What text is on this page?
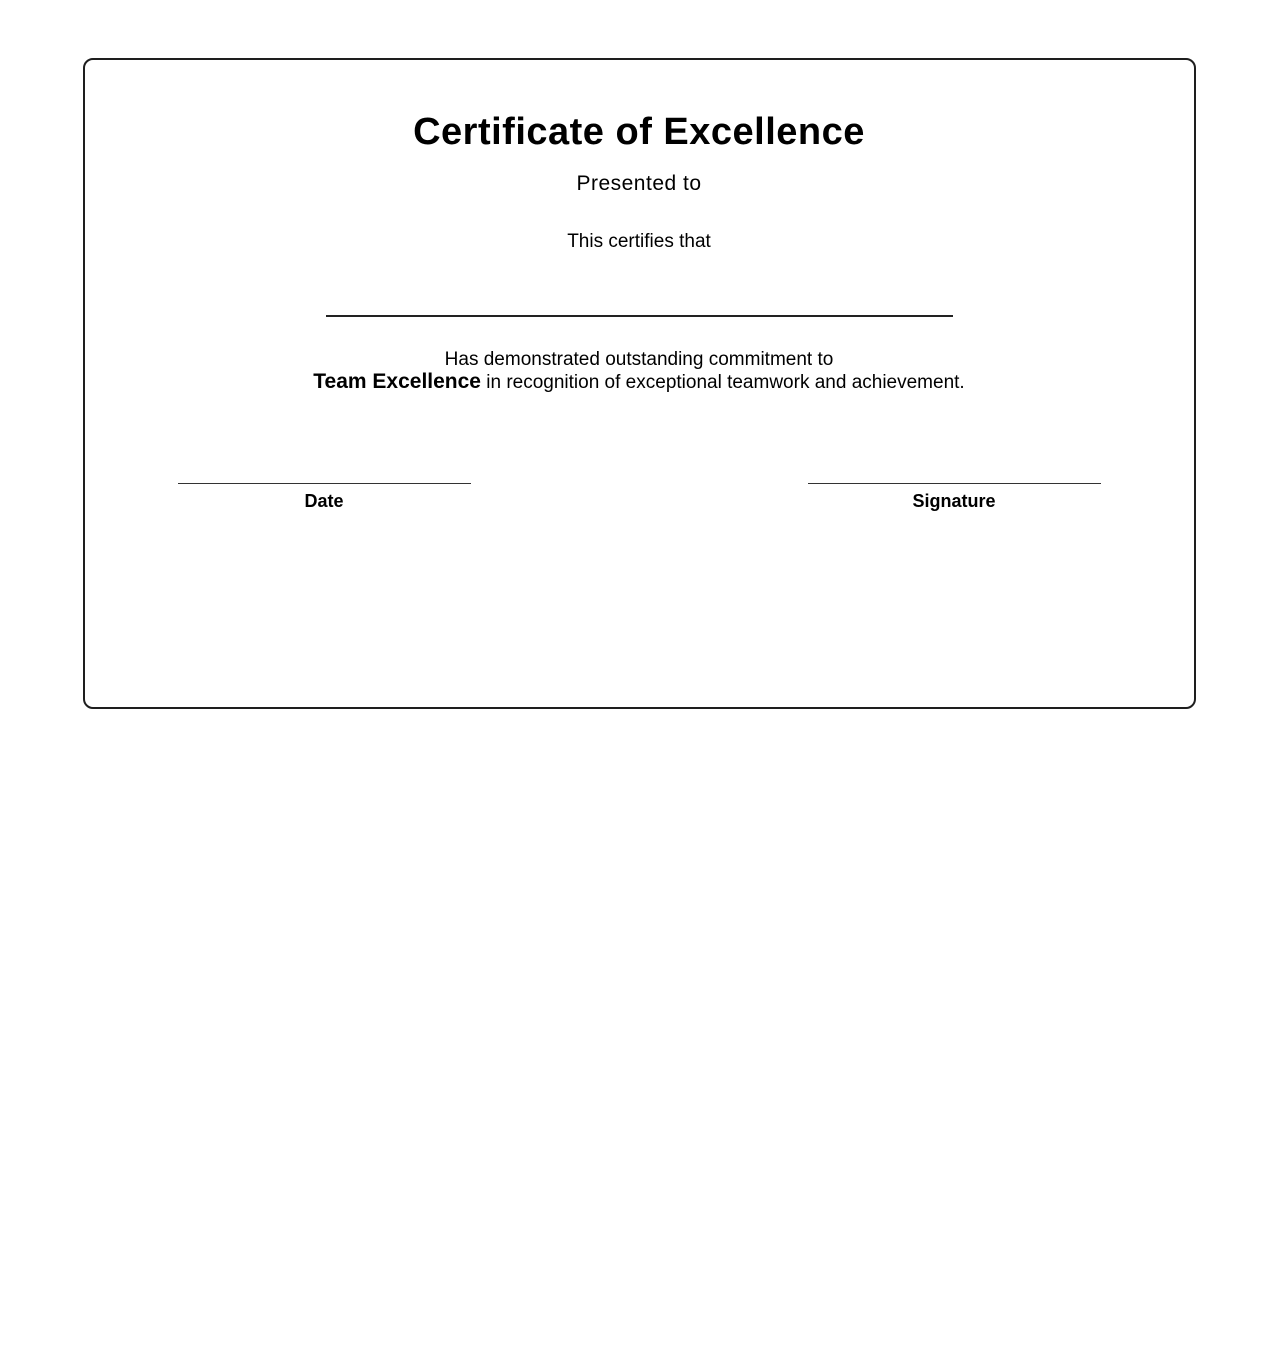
Certificate of Excellence
Presented to
This certifies that

Has demonstrated outstanding commitment to
Team Excellence in recognition of exceptional teamwork and achievement.

Date	Signature
